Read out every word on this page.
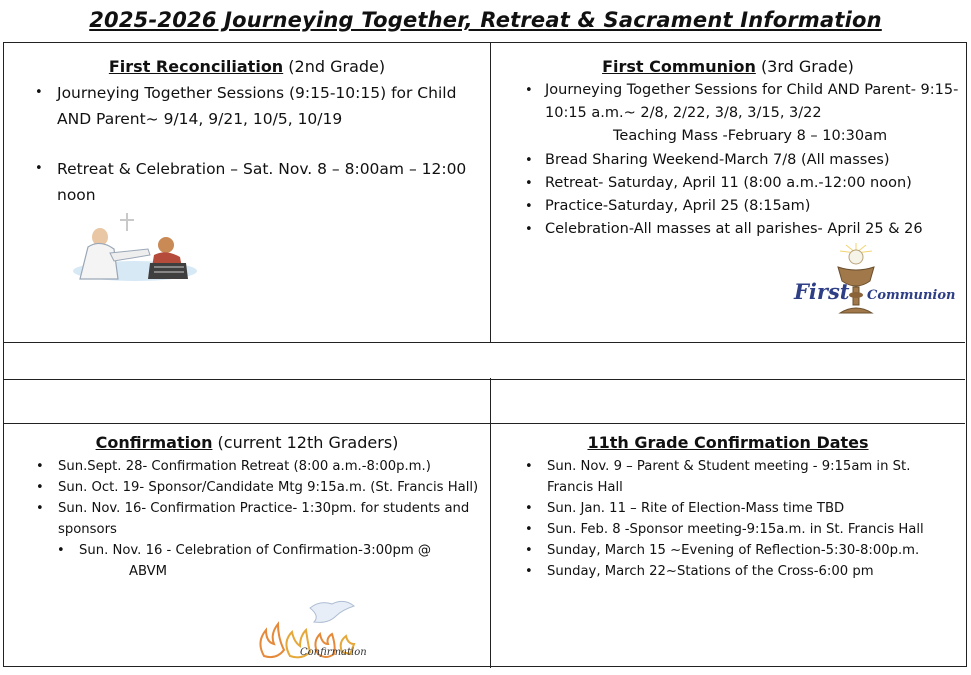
2025-2026 Journeying Together, Retreat & Sacrament Information

First Reconciliation (2nd Grade)

• Journeying Together Sessions (9:15-10:15) for Child AND Parent~ 9/14, 9/21, 10/5, 10/19
• Retreat & Celebration – Sat. Nov. 8 – 8:00am – 12:00 noon

First Communion (3rd Grade)

• Journeying Together Sessions for Child AND Parent- 9:15-10:15 a.m.~ 2/8, 2/22, 3/8, 3/15, 3/22
Teaching Mass -February 8 – 10:30am
• Bread Sharing Weekend-March 7/8 (All masses)
• Retreat- Saturday, April 11 (8:00 a.m.-12:00 noon)
• Practice-Saturday, April 25 (8:15am)
• Celebration-All masses at all parishes- April 25 & 26
First Communion

Confirmation (current 12th Graders)

• Sun.Sept. 28- Confirmation Retreat (8:00 a.m.-8:00p.m.)
• Sun. Oct. 19- Sponsor/Candidate Mtg 9:15a.m. (St. Francis Hall)
• Sun. Nov. 16- Confirmation Practice- 1:30pm. for students and sponsors
• Sun. Nov. 16 - Celebration of Confirmation-3:00pm @
ABVM
Confirmation

11th Grade Confirmation Dates

• Sun. Nov. 9 – Parent & Student meeting - 9:15am in St. Francis Hall
• Sun. Jan. 11 – Rite of Election-Mass time TBD
• Sun. Feb. 8 -Sponsor meeting-9:15a.m. in St. Francis Hall
• Sunday, March 15 ~Evening of Reflection-5:30-8:00p.m.
• Sunday, March 22~Stations of the Cross-6:00 pm
